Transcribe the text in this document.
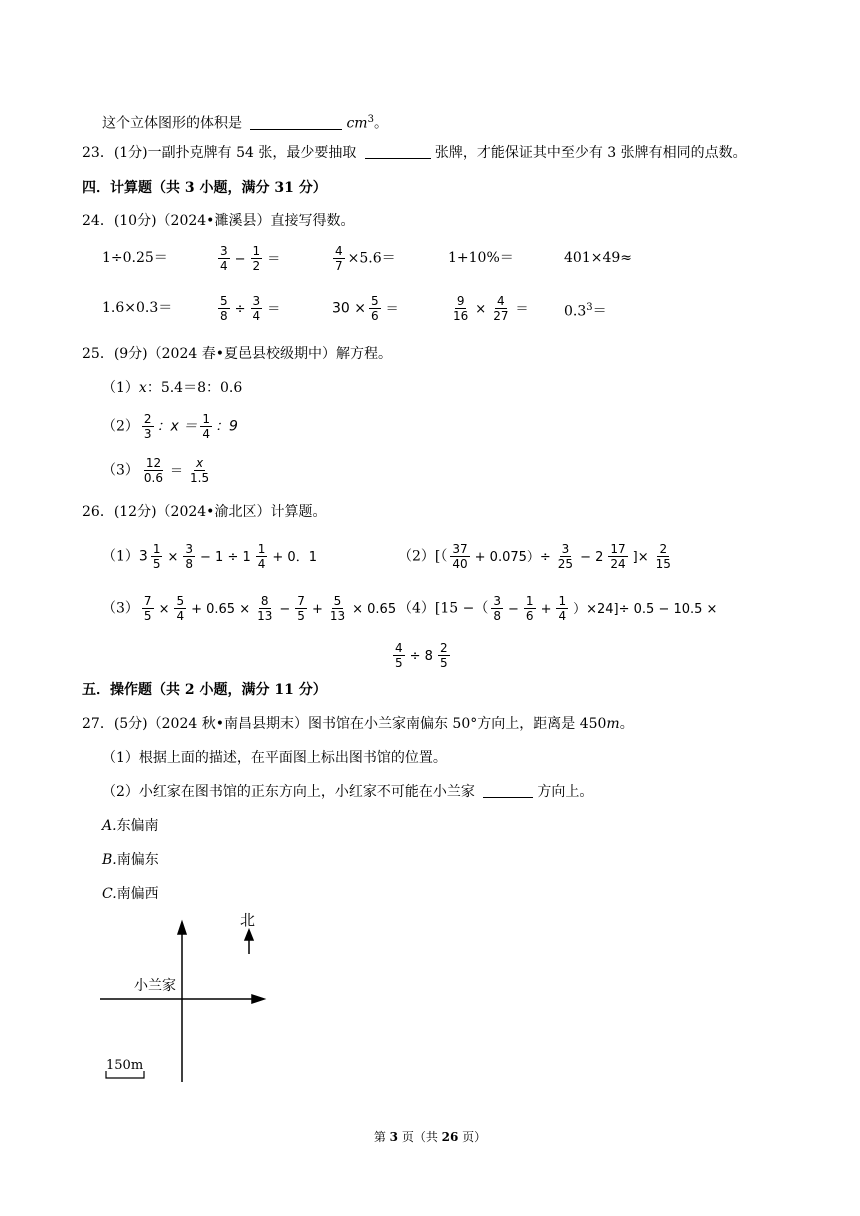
这个立体图形的体积是	$cm^3$。
23．(1分)一副扑克牌有 54 张，最少要抽取	张牌，才能保证其中至少有 3 张牌有相同的点数。
四．计算题（共 3 小题，满分 31 分）
24．(10分)（2024•濉溪县）直接写得数。
1÷0.25＝	$\frac{3}{4} - \frac{1}{2}$ ＝	$\frac{4}{7} \times 5.6=$	1+10%＝	401×49≈
1.6×0.3＝	$\frac{5}{8} \div \frac{3}{4}$ ＝	$30 \times \frac{5}{6}$ ＝	$\frac{9}{16} \times \frac{4}{27}$ ＝	$0.3^3=$
25．(9分)（2024 春•夏邑县校级期中）解方程。
（1）x：5.4＝8：0.6
$(2) \frac{2}{3}$ ：$x = \frac{1}{4}$ ：9
$(3) \frac{12}{0.6} = \frac{x}{1.5}$
26．(12分)（2024•渝北区）计算题。
$(1)3 \frac{1}{5} \times \frac{3}{8} - 1 \div 1 \frac{1}{4} + 0$．1	$(2)[( \frac{37}{40} + 0.075)\div \frac{3}{25} - 2 \frac{17}{24}$ ]× $\frac{2}{15}$
$(3) \frac{7}{5} \times \frac{5}{4} + 0.65 \times \frac{8}{13} - \frac{7}{5} + \frac{5}{13} \times 0.65$ （4）[15 −（ $\frac{3}{8} - \frac{1}{6} + \frac{1}{4} )\times 24]\div 0.5 - 10.5$ ×
$\frac{4}{5} \div 8 \frac{2}{5}$
五．操作题（共 2 小题，满分 11 分）
27．(5分)（2024 秋•南昌县期末）图书馆在小兰家南偏东 50°方向上，距离是 450m。
（1）根据上面的描述，在平面图上标出图书馆的位置。
（2）小红家在图书馆的正东方向上，小红家不可能在小兰家	方向上。
A.东偏南
B.南偏东
C.南偏西
北
小兰家
150m
第 3 页（共 26 页）
